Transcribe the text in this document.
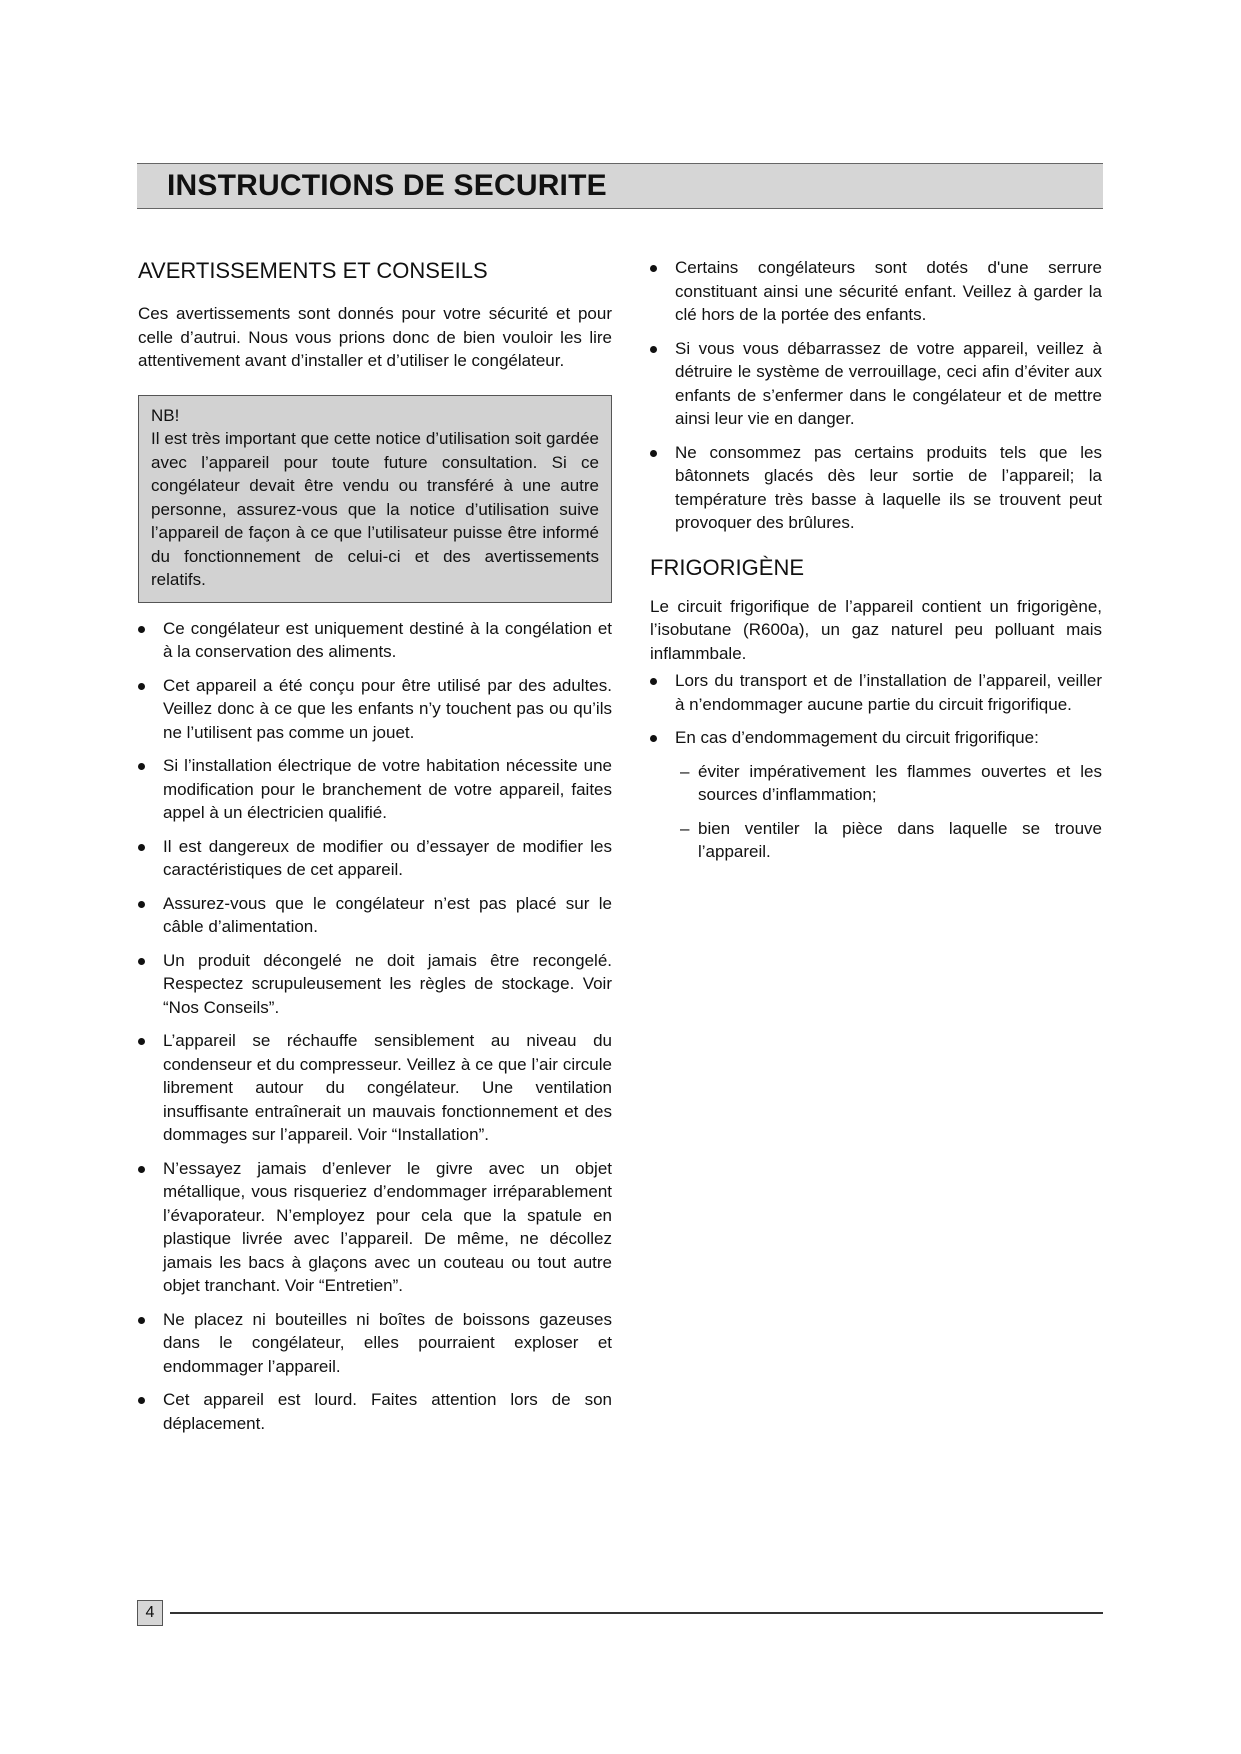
INSTRUCTIONS DE SECURITE
AVERTISSEMENTS ET CONSEILS

Ces avertissements sont donnés pour votre sécurité et pour celle d’autrui. Nous vous prions donc de bien vouloir les lire attentivement avant d’installer et d’utiliser le congélateur.

NB!

Il est très important que cette notice d’utilisation soit gardée avec l’appareil pour toute future consultation. Si ce congélateur devait être vendu ou transféré à une autre personne, assurez-vous que la notice d’utilisation suive l’appareil de façon à ce que l’utilisateur puisse être informé du fonctionnement de celui-ci et des avertissements relatifs.

Ce congélateur est uniquement destiné à la congélation et à la conservation des aliments.
Cet appareil a été conçu pour être utilisé par des adultes. Veillez donc à ce que les enfants n’y touchent pas ou qu’ils ne l’utilisent pas comme un jouet.
Si l’installation électrique de votre habitation nécessite une modification pour le branchement de votre appareil, faites appel à un électricien qualifié.
Il est dangereux de modifier ou d’essayer de modifier les caractéristiques de cet appareil.
Assurez-vous que le congélateur n’est pas placé sur le câble d’alimentation.
Un produit décongelé ne doit jamais être recongelé. Respectez scrupuleusement les règles de stockage. Voir “Nos Conseils”.
L’appareil se réchauffe sensiblement au niveau du condenseur et du compresseur. Veillez à ce que l’air circule librement autour du congélateur. Une ventilation insuffisante entraînerait un mauvais fonctionnement et des dommages sur l’appareil. Voir “Installation”.
N’essayez jamais d’enlever le givre avec un objet métallique, vous risqueriez d’endommager irréparablement l’évaporateur. N’employez pour cela que la spatule en plastique livrée avec l’appareil. De même, ne décollez jamais les bacs à glaçons avec un couteau ou tout autre objet tranchant. Voir “Entretien”.
Ne placez ni bouteilles ni boîtes de boissons gazeuses dans le congélateur, elles pourraient exploser et endommager l’appareil.
Cet appareil est lourd. Faites attention lors de son déplacement.
Certains congélateurs sont dotés d'une serrure constituant ainsi une sécurité enfant. Veillez à garder la clé hors de la portée des enfants.
Si vous vous débarrassez de votre appareil, veillez à détruire le système de verrouillage, ceci afin d’éviter aux enfants de s’enfermer dans le congélateur et de mettre ainsi leur vie en danger.
Ne consommez pas certains produits tels que les bâtonnets glacés dès leur sortie de l’appareil; la température très basse à laquelle ils se trouvent peut provoquer des brûlures.
FRIGORIGÈNE

Le circuit frigorifique de l’appareil contient un frigorigène, l’isobutane (R600a), un gaz naturel peu polluant mais inflammbale.

Lors du transport et de l’installation de l’appareil, veiller à n’endommager aucune partie du circuit frigorifique.
En cas d’endommagement du circuit frigorifique:
– éviter impérativement les flammes ouvertes et les sources d’inflammation;
– bien ventiler la pièce dans laquelle se trouve l’appareil.
4
